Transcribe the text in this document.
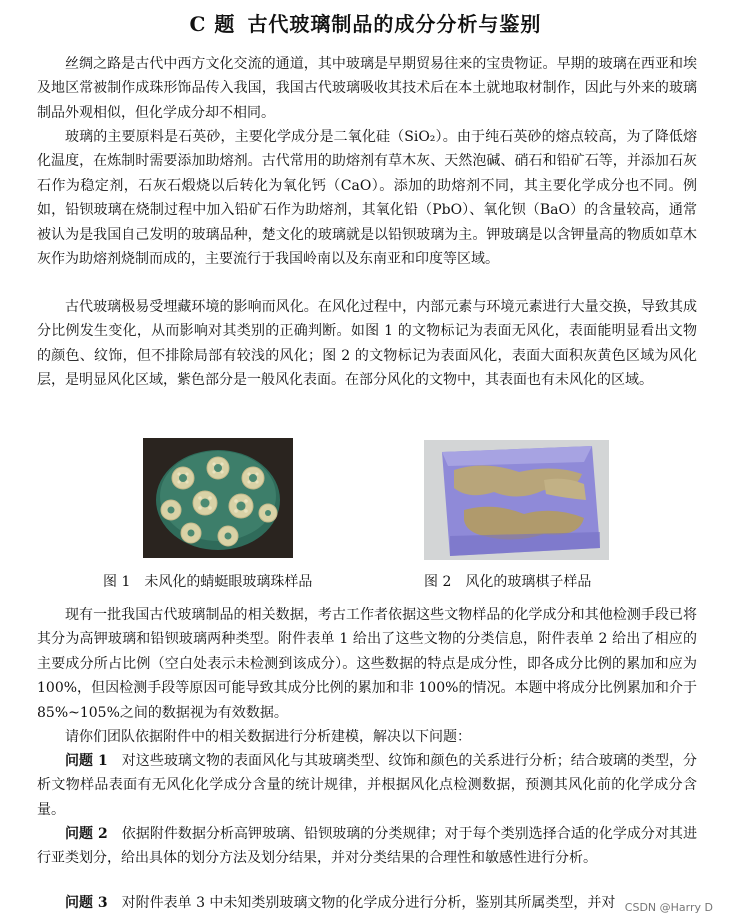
C 题 古代玻璃制品的成分分析与鉴别

丝绸之路是古代中西方文化交流的通道，其中玻璃是早期贸易往来的宝贵物证。早期的玻璃在西亚和埃及地区常被制作成珠形饰品传入我国，我国古代玻璃吸收其技术后在本土就地取材制作，因此与外来的玻璃制品外观相似，但化学成分却不相同。

玻璃的主要原料是石英砂，主要化学成分是二氧化硅（SiO₂）。由于纯石英砂的熔点较高，为了降低熔化温度，在炼制时需要添加助熔剂。古代常用的助熔剂有草木灰、天然泡碱、硝石和铅矿石等，并添加石灰石作为稳定剂，石灰石煅烧以后转化为氧化钙（CaO）。添加的助熔剂不同，其主要化学成分也不同。例如，铅钡玻璃在烧制过程中加入铅矿石作为助熔剂，其氧化铅（PbO）、氧化钡（BaO）的含量较高，通常被认为是我国自己发明的玻璃品种，楚文化的玻璃就是以铅钡玻璃为主。钾玻璃是以含钾量高的物质如草木灰作为助熔剂烧制而成的，主要流行于我国岭南以及东南亚和印度等区域。

古代玻璃极易受埋藏环境的影响而风化。在风化过程中，内部元素与环境元素进行大量交换，导致其成分比例发生变化，从而影响对其类别的正确判断。如图 1 的文物标记为表面无风化，表面能明显看出文物的颜色、纹饰，但不排除局部有较浅的风化；图 2 的文物标记为表面风化，表面大面积灰黄色区域为风化层，是明显风化区域，紫色部分是一般风化表面。在部分风化的文物中，其表面也有未风化的区域。

图 1　未风化的蜻蜓眼玻璃珠样品	图 2　风化的玻璃棋子样品

现有一批我国古代玻璃制品的相关数据，考古工作者依据这些文物样品的化学成分和其他检测手段已将其分为高钾玻璃和铅钡玻璃两种类型。附件表单 1 给出了这些文物的分类信息，附件表单 2 给出了相应的主要成分所占比例（空白处表示未检测到该成分）。这些数据的特点是成分性，即各成分比例的累加和应为 100%，但因检测手段等原因可能导致其成分比例的累加和非 100%的情况。本题中将成分比例累加和介于 85%~105%之间的数据视为有效数据。

请你们团队依据附件中的相关数据进行分析建模，解决以下问题：

问题 1　对这些玻璃文物的表面风化与其玻璃类型、纹饰和颜色的关系进行分析；结合玻璃的类型，分析文物样品表面有无风化化学成分含量的统计规律，并根据风化点检测数据，预测其风化前的化学成分含量。

问题 2　依据附件数据分析高钾玻璃、铅钡玻璃的分类规律；对于每个类别选择合适的化学成分对其进行亚类划分，给出具体的划分方法及划分结果，并对分类结果的合理性和敏感性进行分析。

问题 3　对附件表单 3 中未知类别玻璃文物的化学成分进行分析，鉴别其所属类型，并对 CSDN @Harry D
